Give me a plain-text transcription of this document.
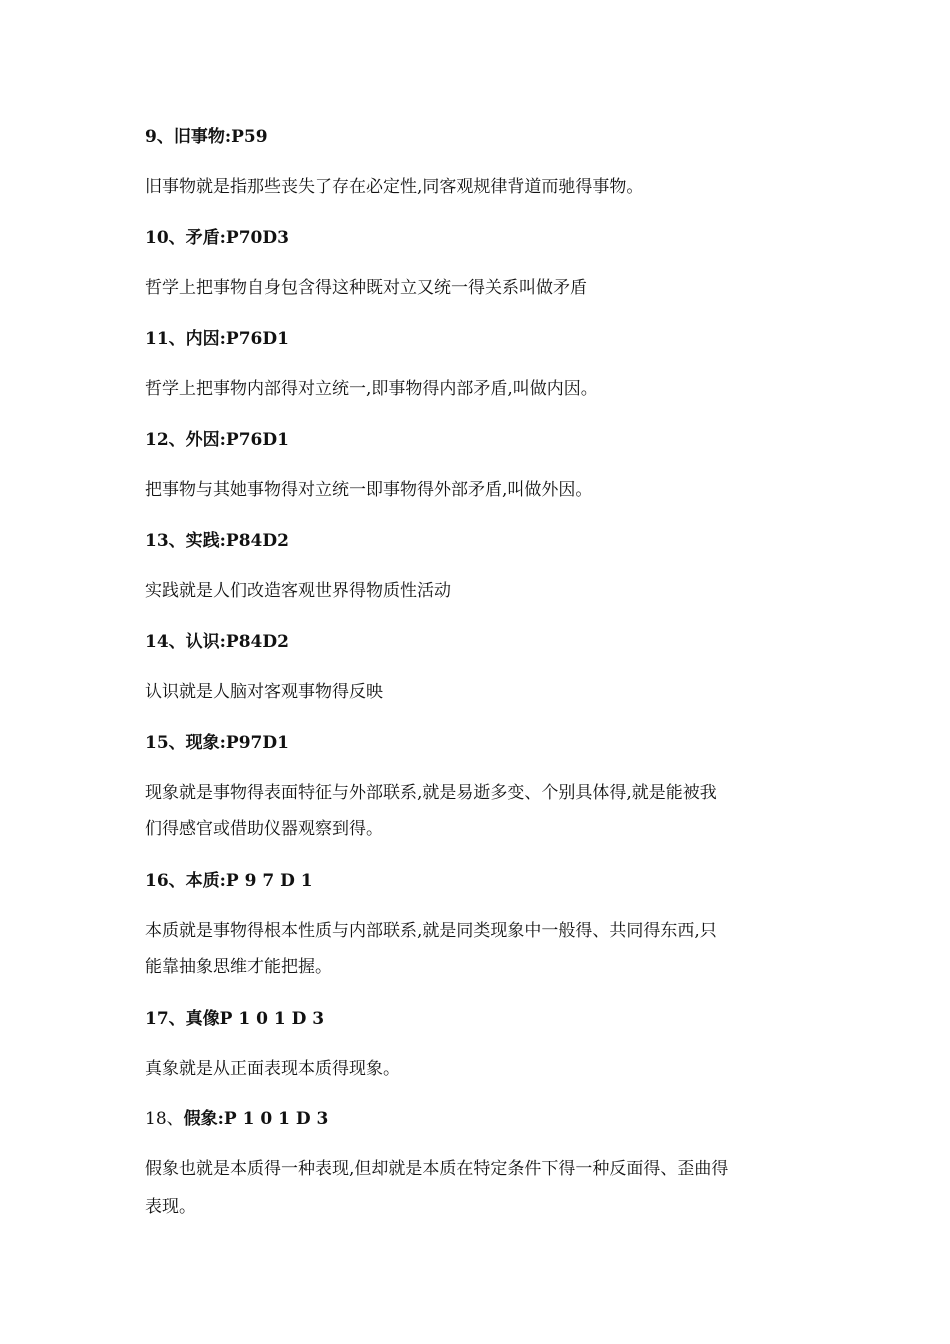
9、旧事物:P59
旧事物就是指那些丧失了存在必定性,同客观规律背道而驰得事物。
10、矛盾:P70D3
哲学上把事物自身包含得这种既对立又统一得关系叫做矛盾
11、内因:P76D1
哲学上把事物内部得对立统一,即事物得内部矛盾,叫做内因。
12、外因:P76D1
把事物与其她事物得对立统一即事物得外部矛盾,叫做外因。
13、实践:P84D2
实践就是人们改造客观世界得物质性活动
14、认识:P84D2
认识就是人脑对客观事物得反映
15、现象:P97D1
现象就是事物得表面特征与外部联系,就是易逝多变、个别具体得,就是能被我
们得感官或借助仪器观察到得。
16、本质:P 9 7 D 1
本质就是事物得根本性质与内部联系,就是同类现象中一般得、共同得东西,只
能靠抽象思维才能把握。
17、真像P 1 0 1 D 3
真象就是从正面表现本质得现象。
18、假象:P 1 0 1 D 3
假象也就是本质得一种表现,但却就是本质在特定条件下得一种反面得、歪曲得
表现。
